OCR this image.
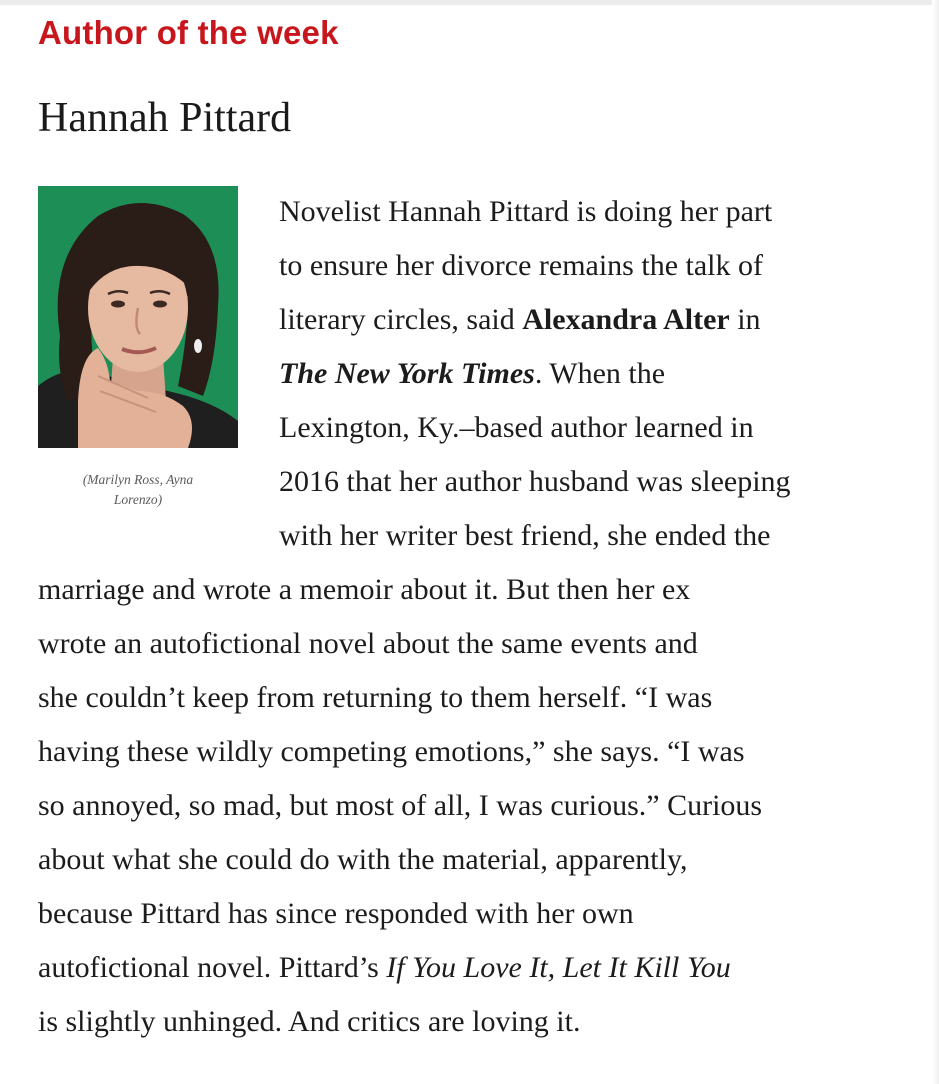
Author of the week
Hannah Pittard
(Marilyn Ross, Ayna
Lorenzo)
Novelist Hannah Pittard is doing her part
to ensure her divorce remains the talk of
literary circles, said Alexandra Alter in
The New York Times. When the
Lexington, Ky.–based author learned in
2016 that her author husband was sleeping
with her writer best friend, she ended the
marriage and wrote a memoir about it. But then her ex
wrote an autofictional novel about the same events and
she couldn’t keep from returning to them herself. “I was
having these wildly competing emotions,” she says. “I was
so annoyed, so mad, but most of all, I was curious.” Curious
about what she could do with the material, apparently,
because Pittard has since responded with her own
autofictional novel. Pittard’s If You Love It, Let It Kill You
is slightly unhinged. And critics are loving it.
